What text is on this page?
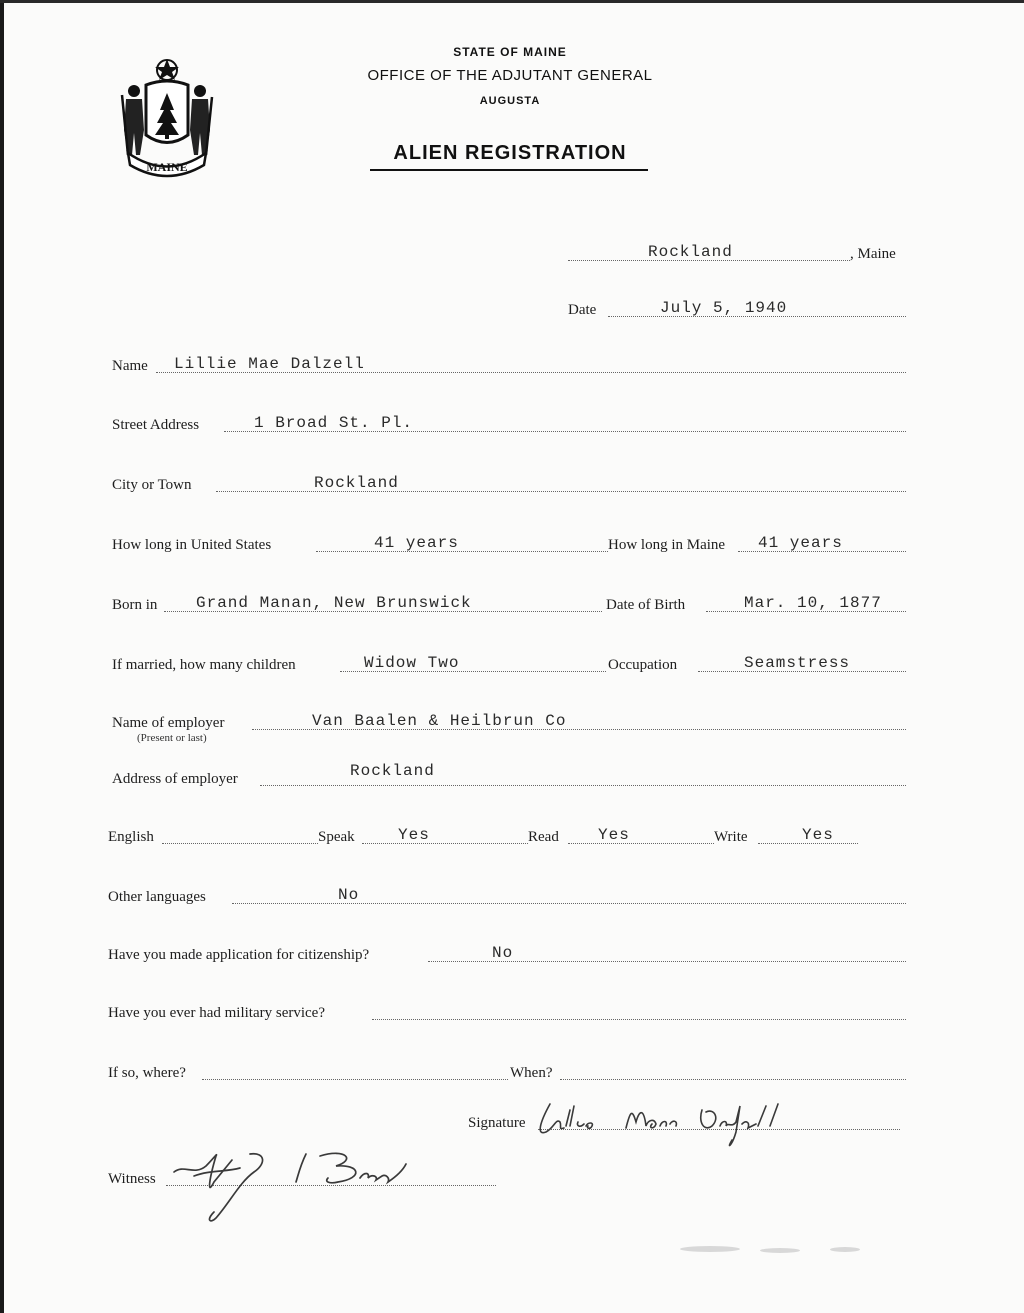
MAINE
STATE OF MAINE
OFFICE OF THE ADJUTANT GENERAL
AUGUSTA
ALIEN REGISTRATION
Rockland	, Maine
Date	July 5, 1940
Name Lillie Mae Dalzell
Street Address	1 Broad St. Pl.
City or Town	Rockland
How long in United States	41 years	How long in Maine 41 years
Born in Grand Manan, New Brunswick	Date of Birth	Mar. 10, 1877
If married, how many children	Widow Two	Occupation	Seamstress
Name of employer	Van Baalen & Heilbrun Co
(Present or last)
Address of employer	Rockland
English	Speak	Yes	Read Yes	Write	Yes
Other languages	No
Have you made application for citizenship?	No
Have you ever had military service?
If so, where?	When?
Signature
Lillie Mae Dalzell
Witness
A. J. Bird
